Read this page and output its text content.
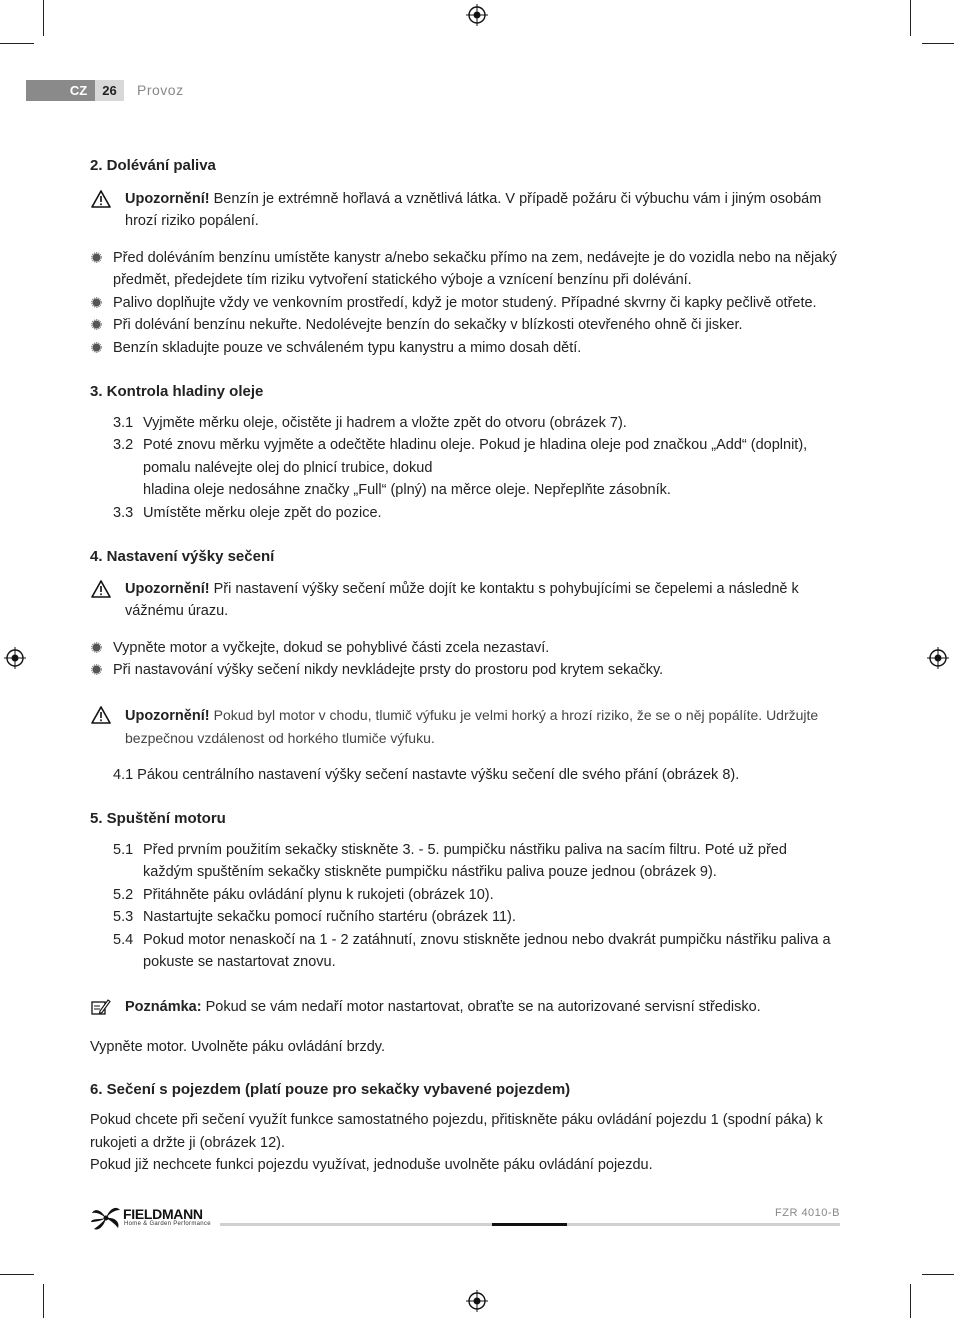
CZ	26	Provoz

2. Dolévání paliva

Upozornění! Benzín je extrémně hořlavá a vznětlivá látka. V případě požáru či výbuchu vám i jiným osobám hrozí riziko popálení.
Před doléváním benzínu umístěte kanystr a/nebo sekačku přímo na zem, nedávejte je do vozidla nebo na nějaký předmět, předejdete tím riziku vytvoření statického výboje a vznícení benzínu při dolévání.
Palivo doplňujte vždy ve venkovním prostředí, když je motor studený. Případné skvrny či kapky pečlivě otřete.
Při dolévání benzínu nekuřte. Nedolévejte benzín do sekačky v blízkosti otevřeného ohně či jisker.
Benzín skladujte pouze ve schváleném typu kanystru a mimo dosah dětí.

3. Kontrola hladiny oleje

3.1 Vyjměte měrku oleje, očistěte ji hadrem a vložte zpět do otvoru (obrázek 7).
3.2 Poté znovu měrku vyjměte a odečtěte hladinu oleje. Pokud je hladina oleje pod značkou „Add“ (doplnit), pomalu nalévejte olej do plnicí trubice, dokud
hladina oleje nedosáhne značky „Full“ (plný) na měrce oleje. Nepřeplňte zásobník.
3.3 Umístěte měrku oleje zpět do pozice.

4. Nastavení výšky sečení

Upozornění! Při nastavení výšky sečení může dojít ke kontaktu s pohybujícími se čepelemi a následně k vážnému úrazu.
Vypněte motor a vyčkejte, dokud se pohyblivé části zcela nezastaví.
Při nastavování výšky sečení nikdy nevkládejte prsty do prostoru pod krytem sekačky.
Upozornění! Pokud byl motor v chodu, tlumič výfuku je velmi horký a hrozí riziko, že se o něj popálíte. Udržujte bezpečnou vzdálenost od horkého tlumiče výfuku.

4.1 Pákou centrálního nastavení výšky sečení nastavte výšku sečení dle svého přání (obrázek 8).

5. Spuštění motoru

5.1 Před prvním použitím sekačky stiskněte 3. - 5. pumpičku nástřiku paliva na sacím filtru. Poté už před každým spuštěním sekačky stiskněte pumpičku nástřiku paliva pouze jednou (obrázek 9).
5.2 Přitáhněte páku ovládání plynu k rukojeti (obrázek 10).
5.3 Nastartujte sekačku pomocí ručního startéru (obrázek 11).
5.4 Pokud motor nenaskočí na 1 - 2 zatáhnutí, znovu stiskněte jednou nebo dvakrát pumpičku nástřiku paliva a pokuste se nastartovat znovu.
Poznámka: Pokud se vám nedaří motor nastartovat, obraťte se na autorizované servisní středisko.

Vypněte motor. Uvolněte páku ovládání brzdy.

6. Sečení s pojezdem (platí pouze pro sekačky vybavené pojezdem)

Pokud chcete při sečení využít funkce samostatného pojezdu, přitiskněte páku ovládání pojezdu 1 (spodní páka) k rukojeti a držte ji (obrázek 12).

Pokud již nechcete funkci pojezdu využívat, jednoduše uvolněte páku ovládání pojezdu.

FIELDMANN
Home & Garden Performance
FZR 4010-B
